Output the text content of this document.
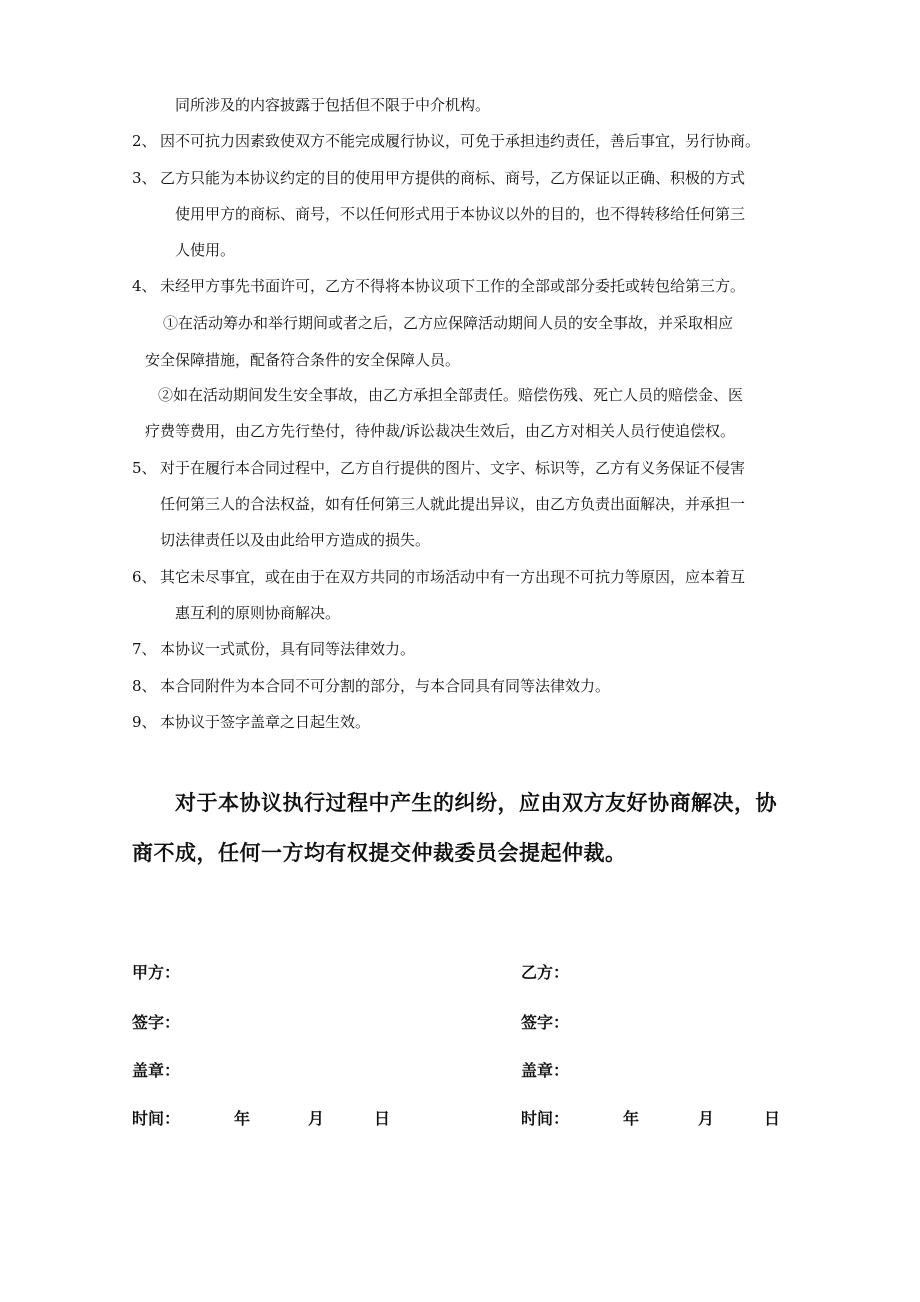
同所涉及的内容披露于包括但不限于中介机构。
2、 因不可抗力因素致使双方不能完成履行协议，可免于承担违约责任，善后事宜，另行协商。
3、 乙方只能为本协议约定的目的使用甲方提供的商标、商号，乙方保证以正确、积极的方式
使用甲方的商标、商号，不以任何形式用于本协议以外的目的，也不得转移给任何第三
人使用。
4、 未经甲方事先书面许可，乙方不得将本协议项下工作的全部或部分委托或转包给第三方。
①在活动筹办和举行期间或者之后，乙方应保障活动期间人员的安全事故，并采取相应
安全保障措施，配备符合条件的安全保障人员。
②如在活动期间发生安全事故，由乙方承担全部责任。赔偿伤残、死亡人员的赔偿金、医
疗费等费用，由乙方先行垫付，待仲裁/诉讼裁决生效后，由乙方对相关人员行使追偿权。
5、 对于在履行本合同过程中，乙方自行提供的图片、文字、标识等，乙方有义务保证不侵害
任何第三人的合法权益，如有任何第三人就此提出异议，由乙方负责出面解决，并承担一
切法律责任以及由此给甲方造成的损失。
6、 其它未尽事宜，或在由于在双方共同的市场活动中有一方出现不可抗力等原因，应本着互
惠互利的原则协商解决。
7、 本协议一式贰份，具有同等法律效力。
8、 本合同附件为本合同不可分割的部分，与本合同具有同等法律效力。
9、 本协议于签字盖章之日起生效。
对于本协议执行过程中产生的纠纷，应由双方友好协商解决，协
商不成，任何一方均有权提交仲裁委员会提起仲裁。
甲方：
签字：
盖章：
时间：	年	月	日
乙方：
签字：
盖章：
时间：	年	月	日
